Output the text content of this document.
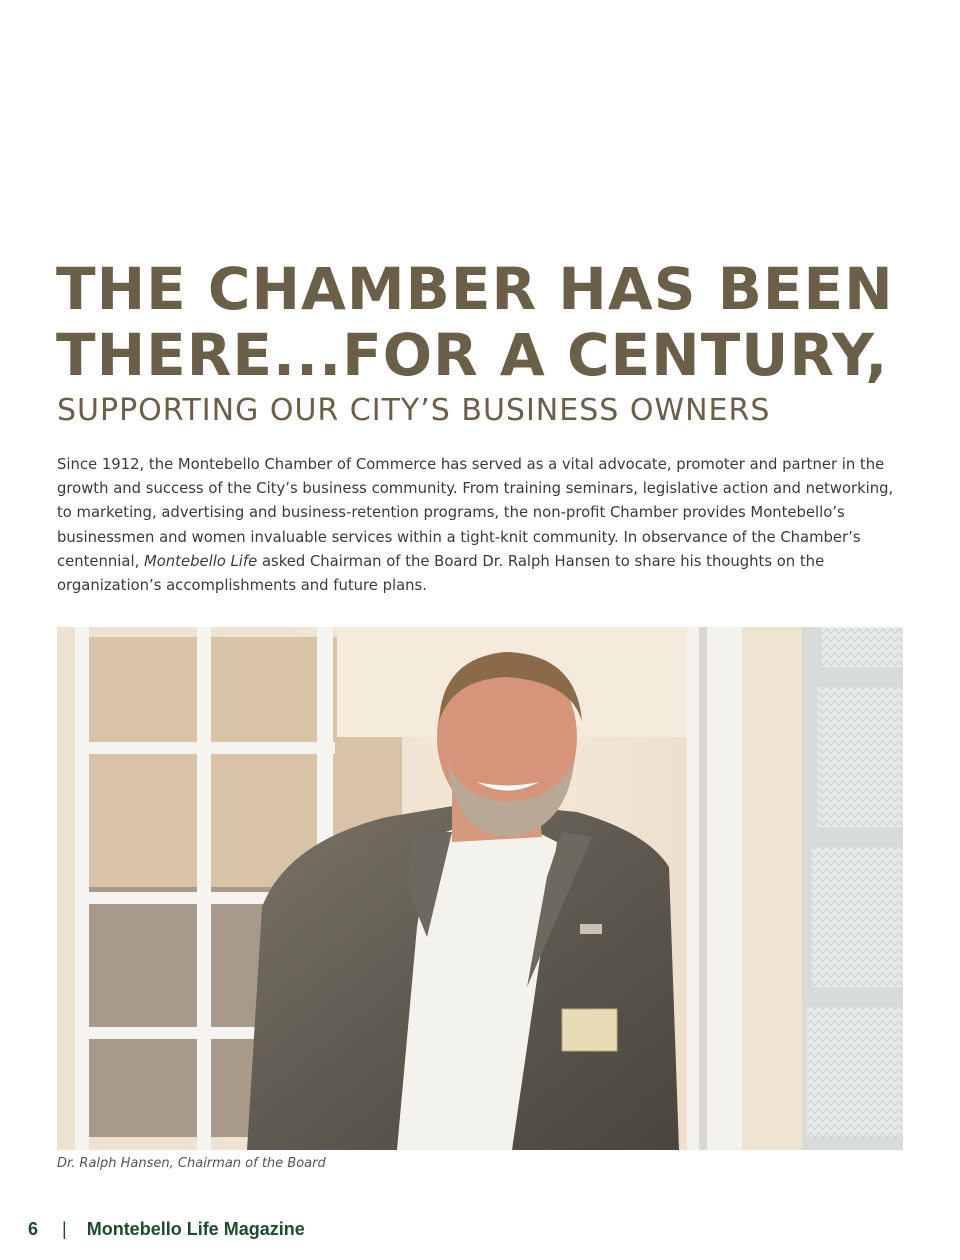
THE CHAMBER HAS BEEN
THERE...FOR A CENTURY,
SUPPORTING OUR CITY’S BUSINESS OWNERS

Since 1912, the Montebello Chamber of Commerce has served as a vital advocate, promoter and partner in the growth and success of the City’s business community. From training seminars, legislative action and networking, to marketing, advertising and business-retention programs, the non-profit Chamber provides Montebello’s businessmen and women invaluable services within a tight-knit community. In observance of the Chamber’s centennial, Montebello Life asked Chairman of the Board Dr. Ralph Hansen to share his thoughts on the organization’s accomplishments and future plans.

Dr. Ralph Hansen, Chairman of the Board

6 | Montebello Life Magazine
